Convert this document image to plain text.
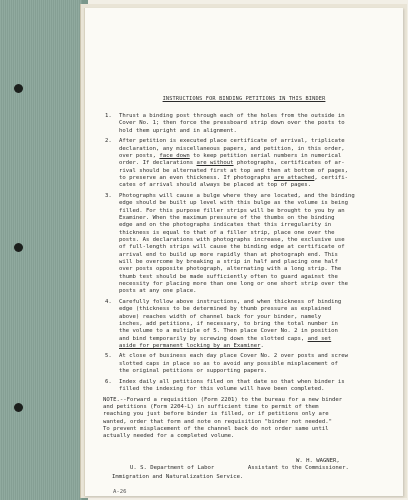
INSTRUCTIONS FOR BINDING PETITIONS IN THIS BINDER
1. Thrust a binding post through each of the holes from the outside in
Cover No. 1; then force the pressboard strip down over the posts to
hold them upright and in alignment.
2. After petition is executed place certificate of arrival, triplicate
declaration, any miscellaneous papers, and petition, in this order,
over posts, face down to keep petition serial numbers in numerical
order. If declarations are without photographs, certificates of ar-
rival should be alternated first at top and then at bottom of pages,
to preserve an even thickness. If photographs are attached, certifi-
cates of arrival should always be placed at top of pages.
3. Photographs will cause a bulge where they are located, and the binding
edge should be built up level with this bulge as the volume is being
filled. For this purpose filler strips will be brought to you by an
Examiner. When the maximum pressure of the thumbs on the binding
edge and on the photographs indicates that this irregularity in
thickness is equal to that of a filler strip, place one over the
posts. As declarations with photographs increase, the exclusive use
of full-length strips will cause the binding edge at certificate of
arrival end to build up more rapidly than at photograph end. This
will be overcome by breaking a strip in half and placing one half
over posts opposite photograph, alternating with a long strip. The
thumb test should be made sufficiently often to guard against the
necessity for placing more than one long or one short strip over the
posts at any one place.
4. Carefully follow above instructions, and when thickness of binding
edge (thickness to be determined by thumb pressure as explained
above) reaches width of channel back for your binder, namely
inches, add petitions, if necessary, to bring the total number in
the volume to a multiple of 5. Then place Cover No. 2 in position
and bind temporarily by screwing down the slotted caps, and set
aside for permanent locking by an Examiner.
5. At close of business each day place Cover No. 2 over posts and screw
slotted caps in place so as to avoid any possible misplacement of
the original petitions or supporting papers.
6. Index daily all petitions filed on that date so that when binder is
filled the indexing for this volume will have been completed.
NOTE.--Forward a requisition (Form 2201) to the bureau for a new binder
and petitions (Form 2204-L) in sufficient time to permit of them
reaching you just before binder is filled, or if petitions only are
wanted, order that form and note on requisition "binder not needed."
To prevent misplacement of the channel back do not order same until
actually needed for a completed volume.
W. H. WAGNER,
U. S. Department of Labor          Assistant to the Commissioner.
Immigration and Naturalization Service.
A-26
